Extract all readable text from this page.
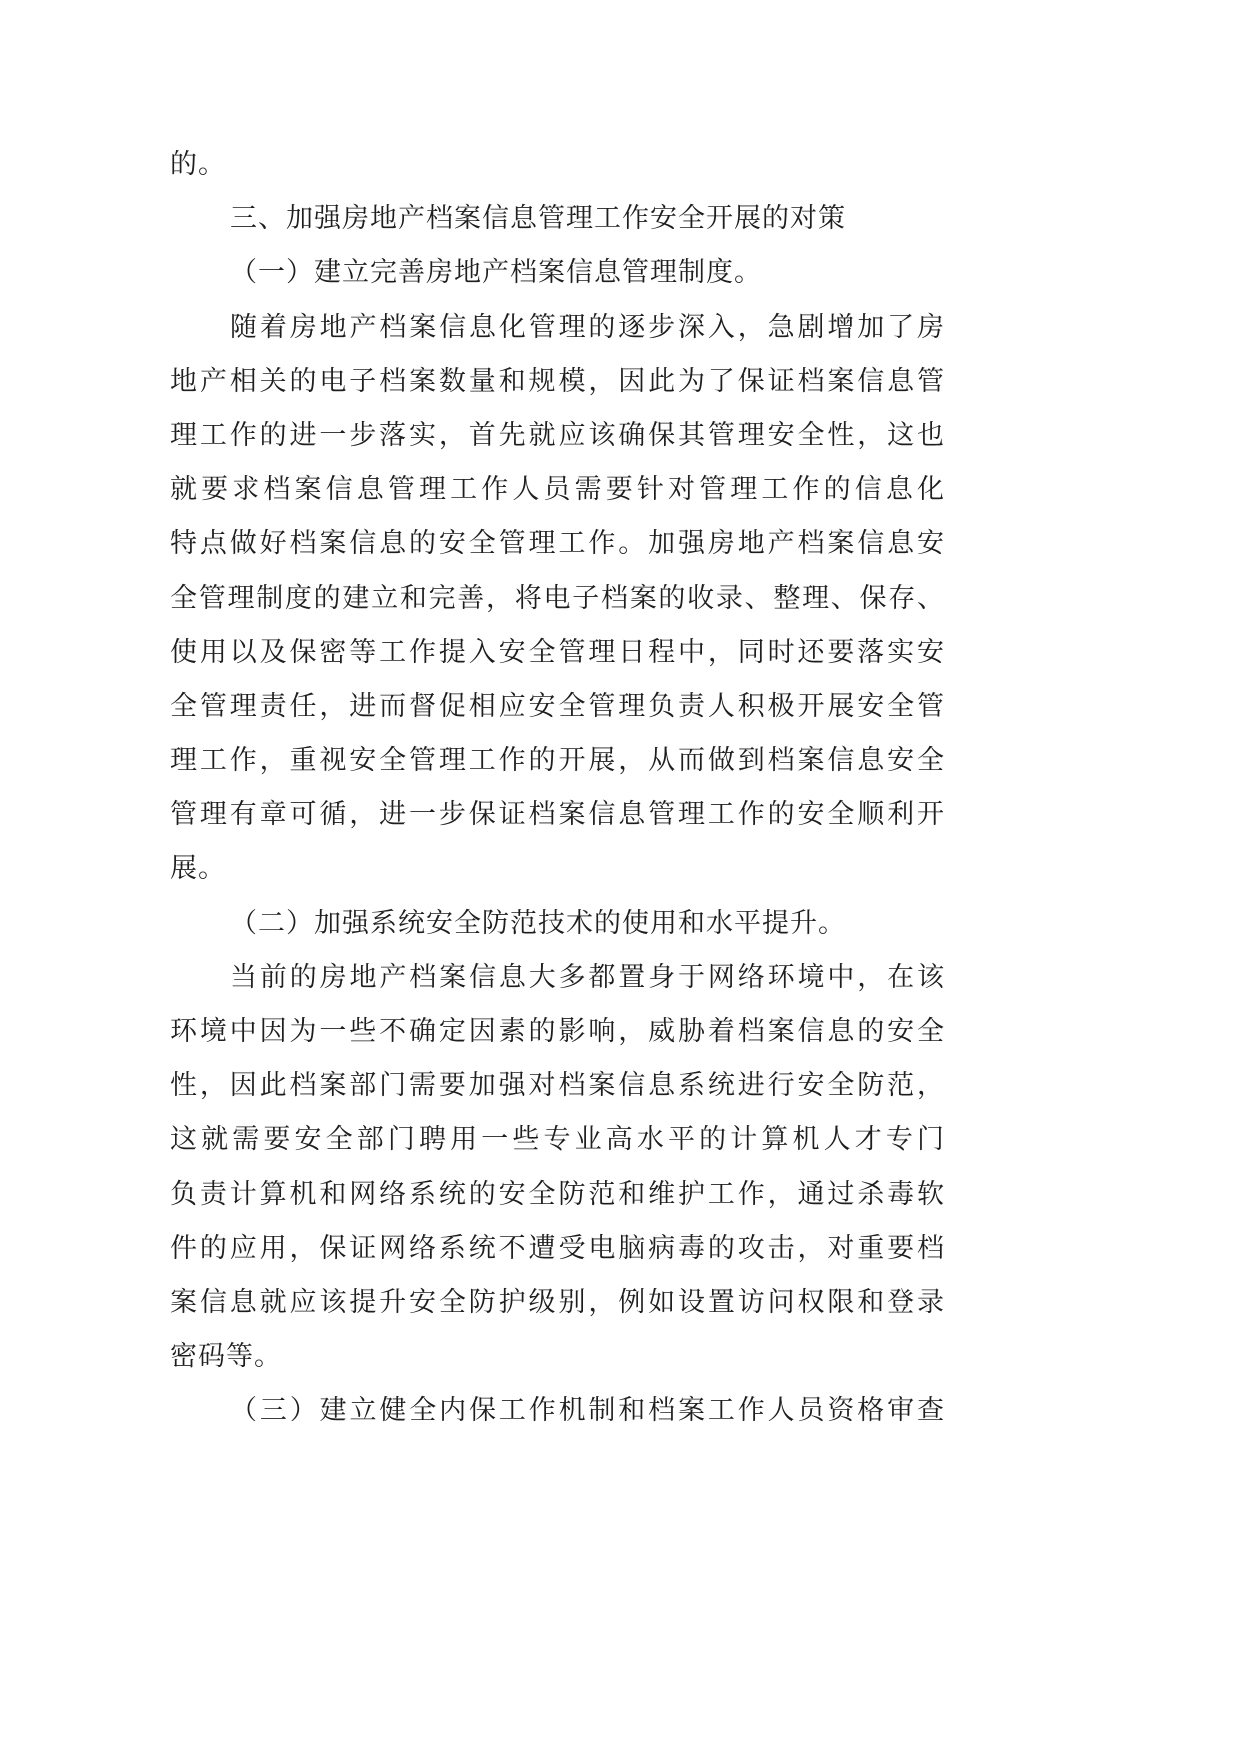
的。
三、加强房地产档案信息管理工作安全开展的对策
（一）建立完善房地产档案信息管理制度。
随着房地产档案信息化管理的逐步深入，急剧增加了房
地产相关的电子档案数量和规模，因此为了保证档案信息管
理工作的进一步落实，首先就应该确保其管理安全性，这也
就要求档案信息管理工作人员需要针对管理工作的信息化
特点做好档案信息的安全管理工作。加强房地产档案信息安
全管理制度的建立和完善，将电子档案的收录、整理、保存、
使用以及保密等工作提入安全管理日程中，同时还要落实安
全管理责任，进而督促相应安全管理负责人积极开展安全管
理工作，重视安全管理工作的开展，从而做到档案信息安全
管理有章可循，进一步保证档案信息管理工作的安全顺利开
展。
（二）加强系统安全防范技术的使用和水平提升。
当前的房地产档案信息大多都置身于网络环境中，在该
环境中因为一些不确定因素的影响，威胁着档案信息的安全
性，因此档案部门需要加强对档案信息系统进行安全防范，
这就需要安全部门聘用一些专业高水平的计算机人才专门
负责计算机和网络系统的安全防范和维护工作，通过杀毒软
件的应用，保证网络系统不遭受电脑病毒的攻击，对重要档
案信息就应该提升安全防护级别，例如设置访问权限和登录
密码等。
（三）建立健全内保工作机制和档案工作人员资格审查
